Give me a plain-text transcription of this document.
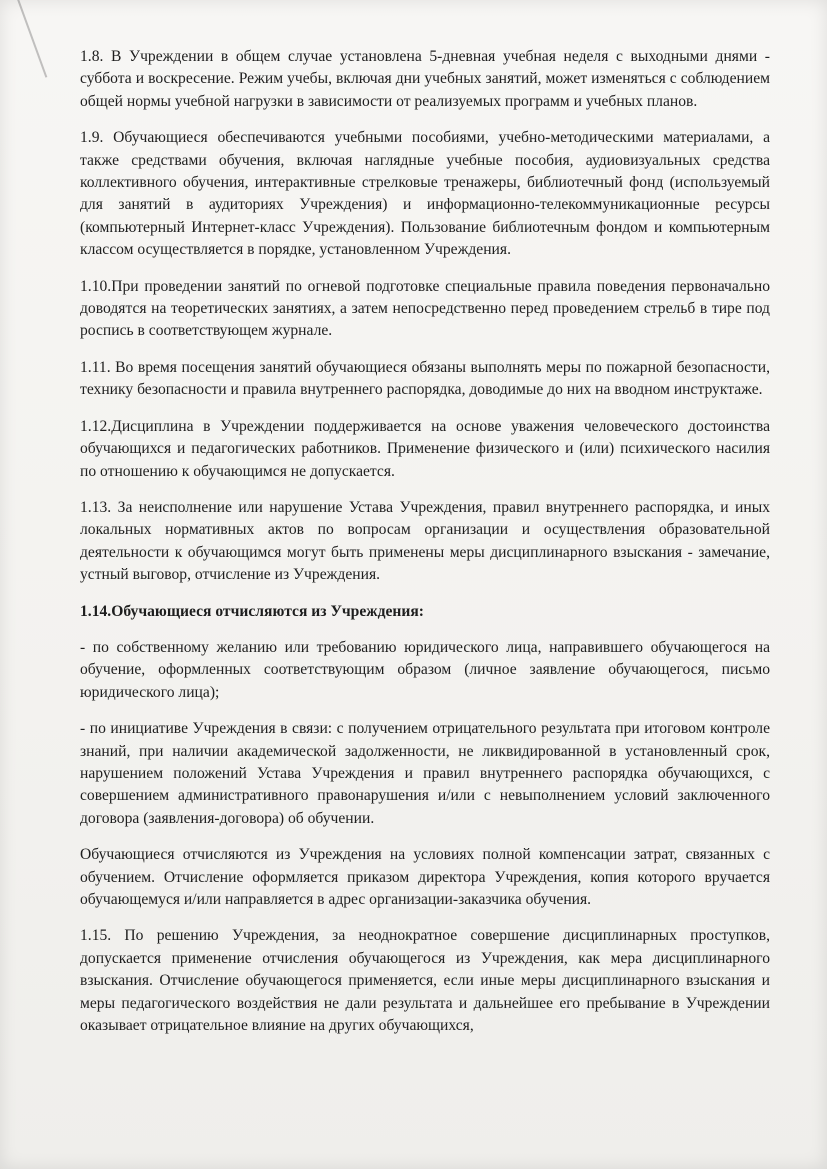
1.8. В Учреждении в общем случае установлена 5-дневная учебная неделя с выходными днями - суббота и воскресение. Режим учебы, включая дни учебных занятий, может изменяться с соблюдением общей нормы учебной нагрузки в зависимости от реализуемых программ и учебных планов.

1.9. Обучающиеся обеспечиваются учебными пособиями, учебно-методическими материалами, а также средствами обучения, включая наглядные учебные пособия, аудиовизуальных средства коллективного обучения, интерактивные стрелковые тренажеры, библиотечный фонд (используемый для занятий в аудиториях Учреждения) и информационно-телекоммуникационные ресурсы (компьютерный Интернет-класс Учреждения). Пользование библиотечным фондом и компьютерным классом осуществляется в порядке, установленном Учреждения.

1.10.При проведении занятий по огневой подготовке специальные правила поведения первоначально доводятся на теоретических занятиях, а затем непосредственно перед проведением стрельб в тире под роспись в соответствующем журнале.

1.11. Во время посещения занятий обучающиеся обязаны выполнять меры по пожарной безопасности, технику безопасности и правила внутреннего распорядка, доводимые до них на вводном инструктаже.

1.12.Дисциплина в Учреждении поддерживается на основе уважения человеческого достоинства обучающихся и педагогических работников. Применение физического и (или) психического насилия по отношению к обучающимся не допускается.

1.13. За неисполнение или нарушение Устава Учреждения, правил внутреннего распорядка, и иных локальных нормативных актов по вопросам организации и осуществления образовательной деятельности к обучающимся могут быть применены меры дисциплинарного взыскания - замечание, устный выговор, отчисление из Учреждения.

1.14.Обучающиеся отчисляются из Учреждения:

- по собственному желанию или требованию юридического лица, направившего обучающегося на обучение, оформленных соответствующим образом (личное заявление обучающегося, письмо юридического лица);

- по инициативе Учреждения в связи: с получением отрицательного результата при итоговом контроле знаний, при наличии академической задолженности, не ликвидированной в установленный срок, нарушением положений Устава Учреждения и правил внутреннего распорядка обучающихся, с совершением административного правонарушения и/или с невыполнением условий заключенного договора (заявления-договора) об обучении.

Обучающиеся отчисляются из Учреждения на условиях полной компенсации затрат, связанных с обучением. Отчисление оформляется приказом директора Учреждения, копия которого вручается обучающемуся и/или направляется в адрес организации-заказчика обучения.

1.15. По решению Учреждения, за неоднократное совершение дисциплинарных проступков, допускается применение отчисления обучающегося из Учреждения, как мера дисциплинарного взыскания. Отчисление обучающегося применяется, если иные меры дисциплинарного взыскания и меры педагогического воздействия не дали результата и дальнейшее его пребывание в Учреждении оказывает отрицательное влияние на других обучающихся,
